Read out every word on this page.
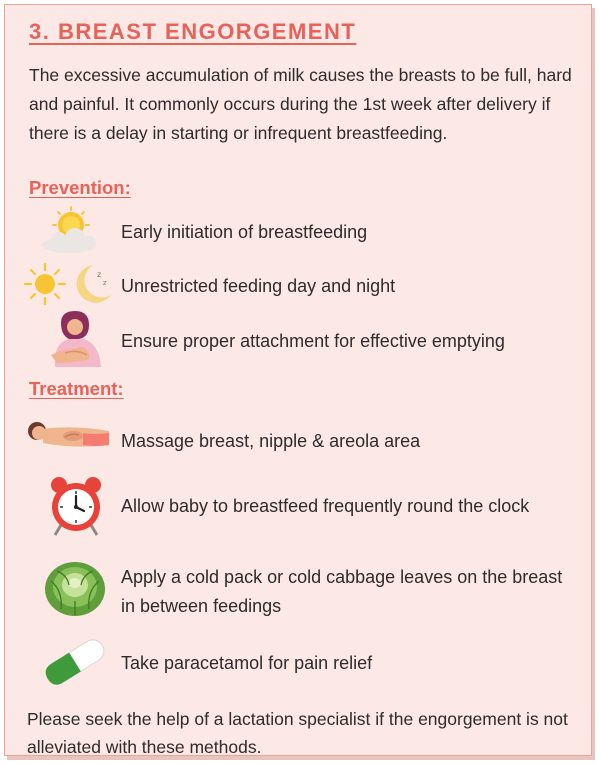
3. BREAST ENGORGEMENT
The excessive accumulation of milk causes the breasts to be full, hard and painful. It commonly occurs during the 1st week after delivery if there is a delay in starting or infrequent breastfeeding.
Prevention:
Early initiation of breastfeeding
z
z Unrestricted feeding day and night
Ensure proper attachment for effective emptying
Treatment:
Massage breast, nipple & areola area
Allow baby to breastfeed frequently round the clock
Apply a cold pack or cold cabbage leaves on the breast in between feedings
Take paracetamol for pain relief
Please seek the help of a lactation specialist if the engorgement is not alleviated with these methods.
